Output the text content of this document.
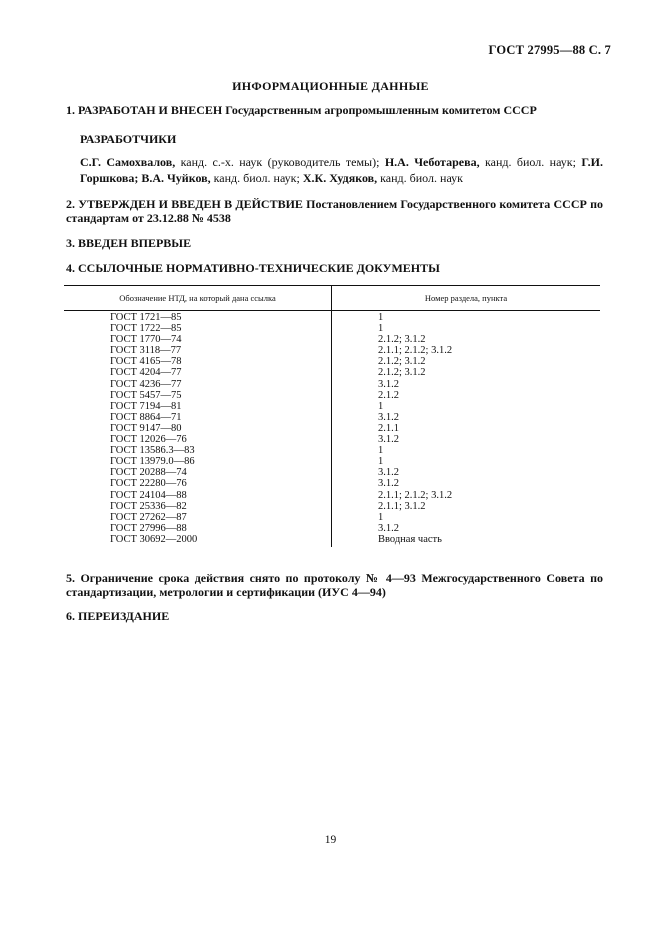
ГОСТ 27995—88 С. 7
ИНФОРМАЦИОННЫЕ ДАННЫЕ
1. РАЗРАБОТАН И ВНЕСЕН Государственным агропромышленным комитетом СССР
РАЗРАБОТЧИКИ
С.Г. Самохвалов, канд. с.-х. наук (руководитель темы); Н.А. Чеботарева, канд. биол. наук; Г.И. Горшкова; В.А. Чуйков, канд. биол. наук; Х.К. Худяков, канд. биол. наук
2. УТВЕРЖДЕН И ВВЕДЕН В ДЕЙСТВИЕ Постановлением Государственного комитета СССР по стандартам от 23.12.88 № 4538
3. ВВЕДЕН ВПЕРВЫЕ
4. ССЫЛОЧНЫЕ НОРМАТИВНО-ТЕХНИЧЕСКИЕ ДОКУМЕНТЫ
Обозначение НТД, на который дана ссылка	Номер раздела, пункта
ГОСТ 1721—85
ГОСТ 1722—85
ГОСТ 1770—74
ГОСТ 3118—77
ГОСТ 4165—78
ГОСТ 4204—77
ГОСТ 4236—77
ГОСТ 5457—75
ГОСТ 7194—81
ГОСТ 8864—71
ГОСТ 9147—80
ГОСТ 12026—76
ГОСТ 13586.3—83
ГОСТ 13979.0—86
ГОСТ 20288—74
ГОСТ 22280—76
ГОСТ 24104—88
ГОСТ 25336—82
ГОСТ 27262—87
ГОСТ 27996—88
ГОСТ 30692—2000
1
1
2.1.2; 3.1.2
2.1.1; 2.1.2; 3.1.2
2.1.2; 3.1.2
2.1.2; 3.1.2
3.1.2
2.1.2
1
3.1.2
2.1.1
3.1.2
1
1
3.1.2
3.1.2
2.1.1; 2.1.2; 3.1.2
2.1.1; 3.1.2
1
3.1.2
Вводная часть
5. Ограничение срока действия снято по протоколу № 4—93 Межгосударственного Совета по стандартизации, метрологии и сертификации (ИУС 4—94)
6. ПЕРЕИЗДАНИЕ
19
